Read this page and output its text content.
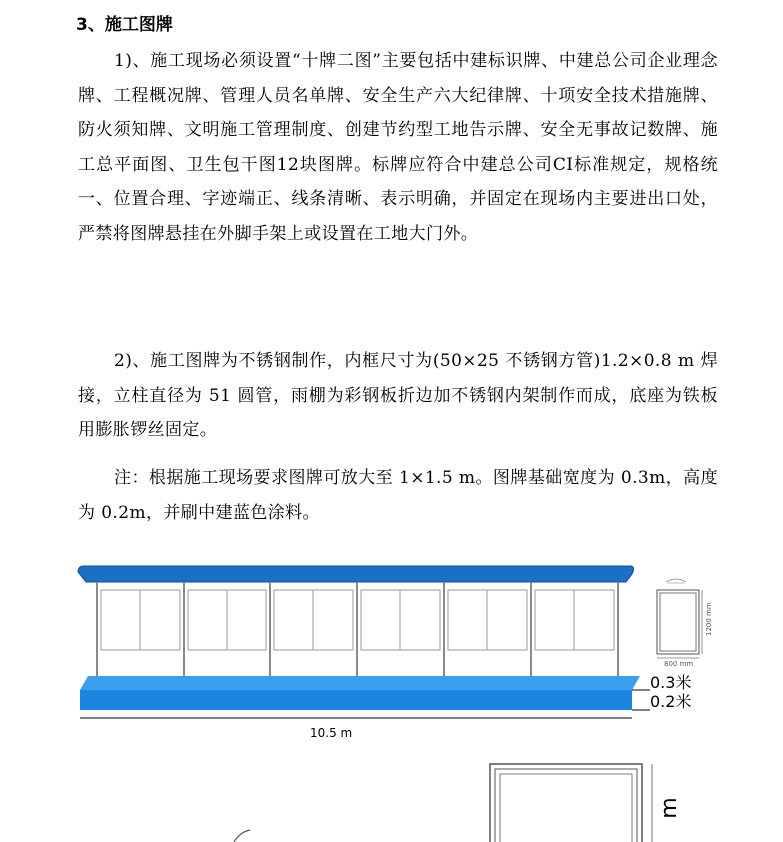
3、施工图牌

1)、施工现场必须设置“十牌二图”主要包括中建标识牌、中建总公司企业理念牌、工程概况牌、管理人员名单牌、安全生产六大纪律牌、十项安全技术措施牌、防火须知牌、文明施工管理制度、创建节约型工地告示牌、安全无事故记数牌、施工总平面图、卫生包干图12块图牌。标牌应符合中建总公司CI标准规定，规格统一、位置合理、字迹端正、线条清晰、表示明确，并固定在现场内主要进出口处，严禁将图牌悬挂在外脚手架上或设置在工地大门外。

2)、施工图牌为不锈钢制作，内框尺寸为(50×25 不锈钢方管)1.2×0.8 m 焊接，立柱直径为 51 圆管，雨棚为彩钢板折边加不锈钢内架制作而成，底座为铁板用膨胀锣丝固定。

注：根据施工现场要求图牌可放大至 1×1.5 m。图牌基础宽度为 0.3m，高度为 0.2m，并刷中建蓝色涂料。

0.3米
0.2米
10.5 m
1200 mm
800 mm
m
